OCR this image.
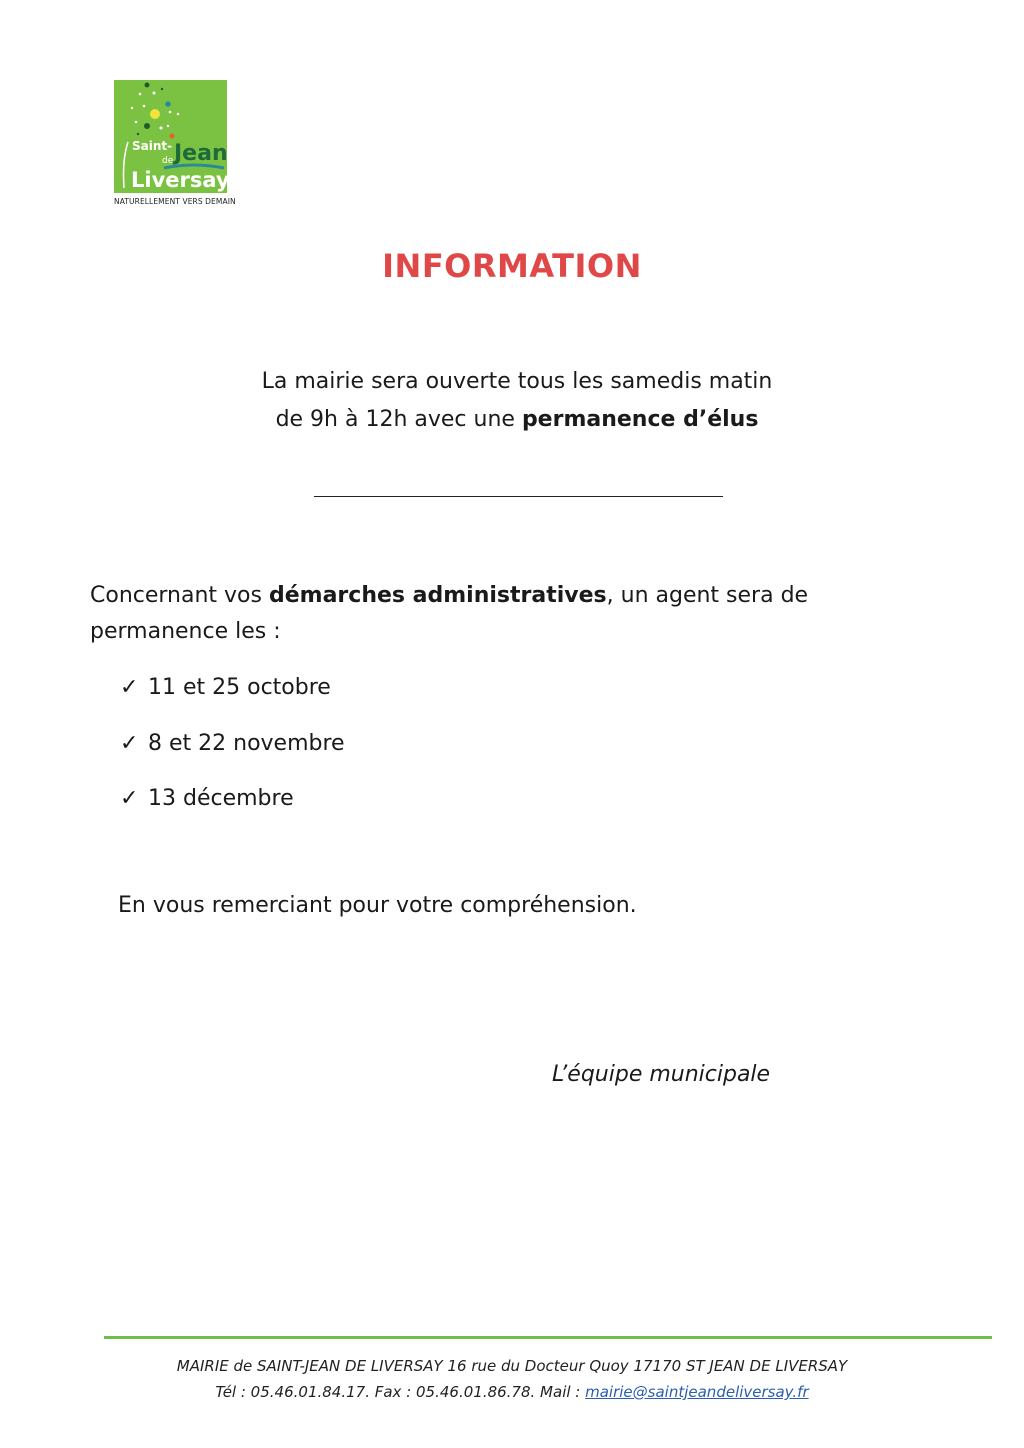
Saint- Jean
de
Liversay
NATURELLEMENT VERS DEMAIN
INFORMATION
La mairie sera ouverte tous les samedis matin
de 9h à 12h avec une permanence d’élus
Concernant vos démarches administratives, un agent sera de permanence les :
✓ 11 et 25 octobre
✓ 8 et 22 novembre
✓ 13 décembre
En vous remerciant pour votre compréhension.
L’équipe municipale
MAIRIE de SAINT-JEAN DE LIVERSAY 16 rue du Docteur Quoy 17170 ST JEAN DE LIVERSAY
Tél : 05.46.01.84.17. Fax : 05.46.01.86.78. Mail : mairie@saintjeandeliversay.fr
